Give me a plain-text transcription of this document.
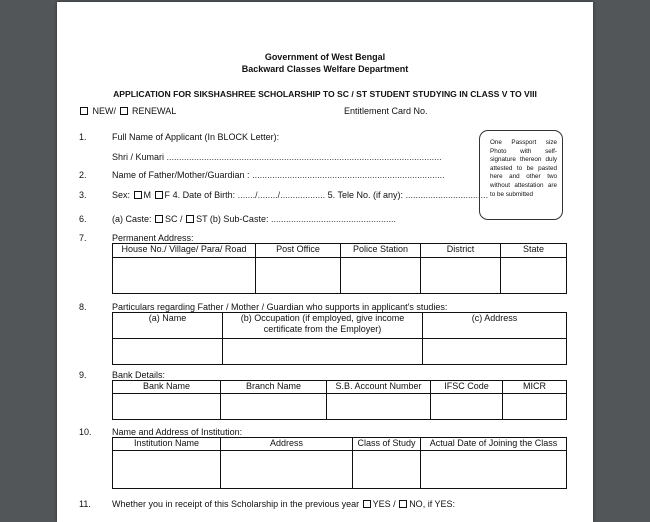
Government of West Bengal
Backward Classes Welfare Department
APPLICATION FOR SIKSHASHREE SCHOLARSHIP TO SC / ST STUDENT STUDYING IN CLASS V TO VIII
NEW/ RENEWAL	Entitlement Card No.
One Passport size Photo with self-signature thereon duly attested to be pasted here and other two without attestation are to be submitted
1.	Full Name of Applicant (In BLOCK Letter):
Shri / Kumari ..............................................................................................................
2.	Name of Father/Mother/Guardian : .............................................................................
3.	Sex: M F 4. Date of Birth: ......./......../.................. 5. Tele No. (if any): .................................
6.	(a) Caste: SC / ST (b) Sub-Caste: ..................................................
7.	Permanent Address:
House No./ Village/ Para/ Road	Post Office	Police Station	District	State

8.	Particulars regarding Father / Mother / Guardian who supports in applicant's studies:
(a) Name	(b) Occupation (if employed, give income certificate from the Employer)	(c) Address

9.	Bank Details:
Bank Name	Branch Name	S.B. Account Number	IFSC Code	MICR

10. Name and Address of Institution:
Institution Name	Address	Class of Study	Actual Date of Joining the Class

11. Whether you in receipt of this Scholarship in the previous year YES / NO, if YES:
